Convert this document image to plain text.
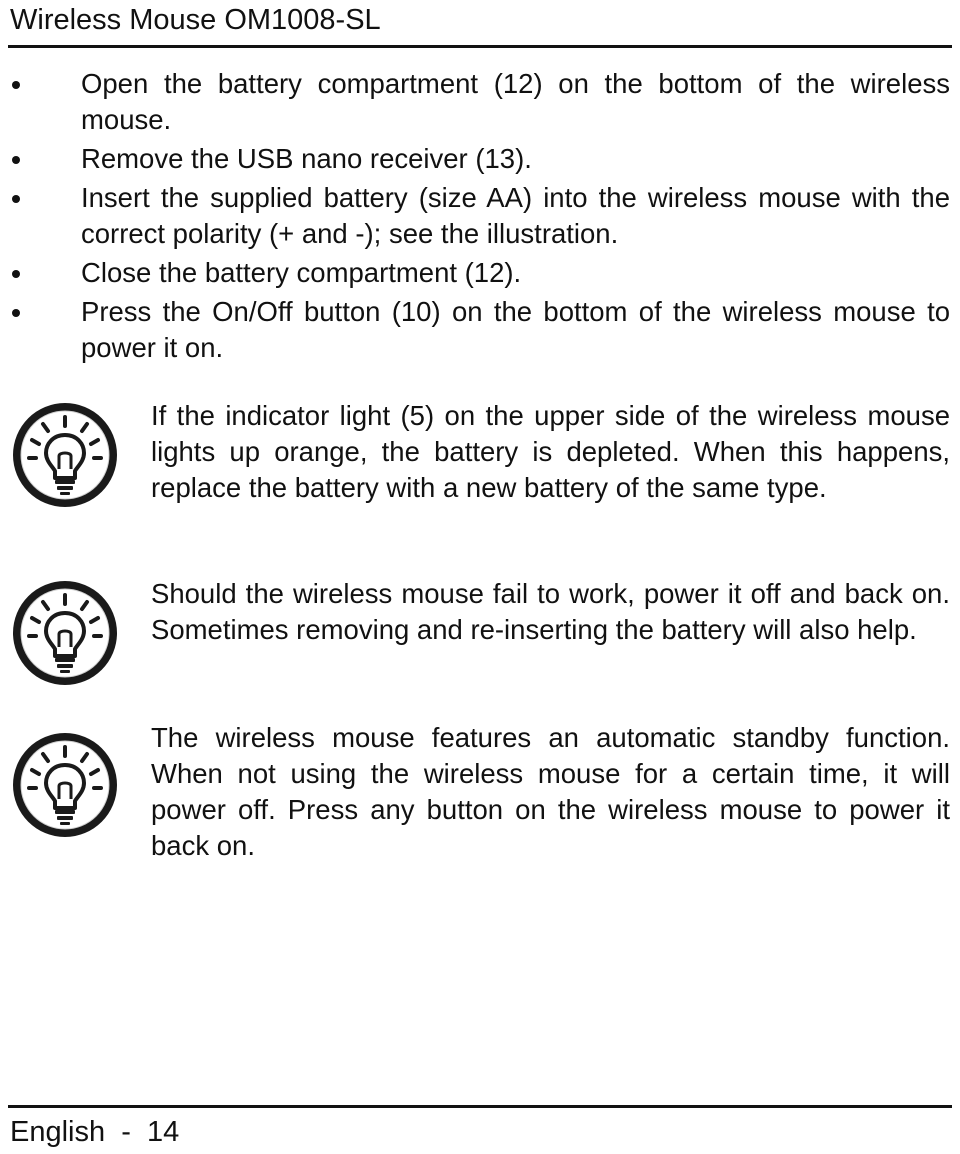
Wireless Mouse OM1008-SL
Open the battery compartment (12) on the bottom of the wireless mouse.
Remove the USB nano receiver (13).
Insert the supplied battery (size AA) into the wireless mouse with the correct polarity (+ and -); see the illustration.
Close the battery compartment (12).
Press the On/Off button (10) on the bottom of the wireless mouse to power it on.
If the indicator light (5) on the upper side of the wireless mouse lights up orange, the battery is depleted. When this happens, replace the battery with a new battery of the same type.
Should the wireless mouse fail to work, power it off and back on. Sometimes removing and re-inserting the battery will also help.
The wireless mouse features an automatic standby function. When not using the wireless mouse for a certain time, it will power off. Press any button on the wireless mouse to power it back on.
English  -  14
